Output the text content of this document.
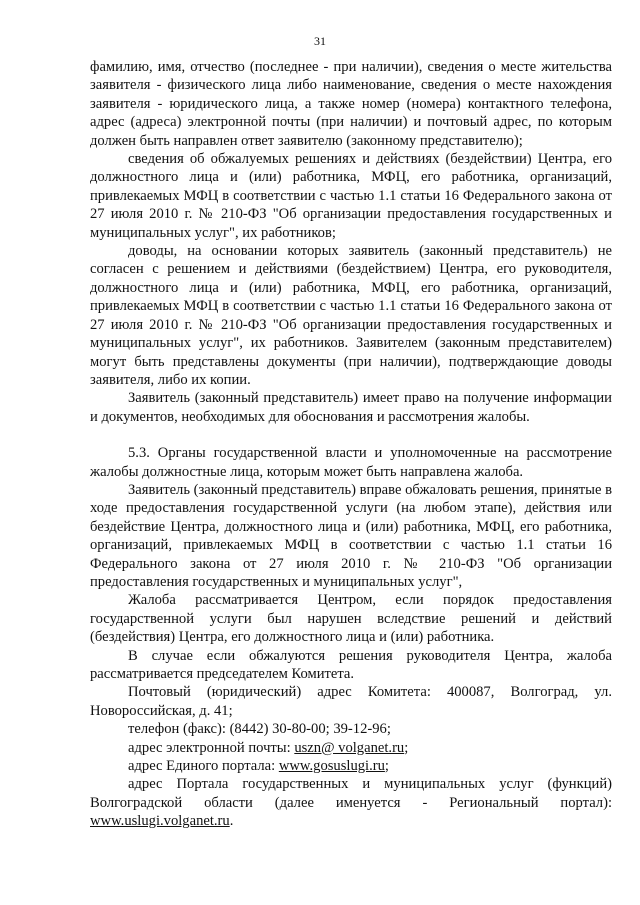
31

фамилию, имя, отчество (последнее - при наличии), сведения о месте жительства заявителя - физического лица либо наименование, сведения о месте нахождения заявителя - юридического лица, а также номер (номера) контактного телефона, адрес (адреса) электронной почты (при наличии) и почтовый адрес, по которым должен быть направлен ответ заявителю (законному представителю);

сведения об обжалуемых решениях и действиях (бездействии) Центра, его должностного лица и (или) работника, МФЦ, его работника, организаций, привлекаемых МФЦ в соответствии с частью 1.1 статьи 16 Федерального закона от 27 июля 2010 г. № 210-ФЗ "Об организации предоставления государственных и муниципальных услуг", их работников;

доводы, на основании которых заявитель (законный представитель) не согласен с решением и действиями (бездействием) Центра, его руководителя, должностного лица и (или) работника, МФЦ, его работника, организаций, привлекаемых МФЦ в соответствии с частью 1.1 статьи 16 Федерального закона от 27 июля 2010 г. № 210-ФЗ "Об организации предоставления государственных и муниципальных услуг", их работников. Заявителем (законным представителем) могут быть представлены документы (при наличии), подтверждающие доводы заявителя, либо их копии.

Заявитель (законный представитель) имеет право на получение информации и документов, необходимых для обоснования и рассмотрения жалобы.

5.3. Органы государственной власти и уполномоченные на рассмотрение жалобы должностные лица, которым может быть направлена жалоба.

Заявитель (законный представитель) вправе обжаловать решения, принятые в ходе предоставления государственной услуги (на любом этапе), действия или бездействие Центра, должностного лица и (или) работника, МФЦ, его работника, организаций, привлекаемых МФЦ в соответствии с частью 1.1 статьи 16 Федерального закона от 27 июля 2010 г. № 210-ФЗ "Об организации предоставления государственных и муниципальных услуг",

Жалоба рассматривается Центром, если порядок предоставления государственной услуги был нарушен вследствие решений и действий (бездействия) Центра, его должностного лица и (или) работника.

В случае если обжалуются решения руководителя Центра, жалоба рассматривается председателем Комитета.

Почтовый (юридический) адрес Комитета: 400087, Волгоград, ул. Новороссийская, д. 41;

телефон (факс): (8442) 30-80-00; 39-12-96;

адрес электронной почты: uszn@ volganet.ru;

адрес Единого портала: www.gosuslugi.ru;

адрес Портала государственных и муниципальных услуг (функций) Волгоградской области (далее именуется - Региональный портал): www.uslugi.volganet.ru.
